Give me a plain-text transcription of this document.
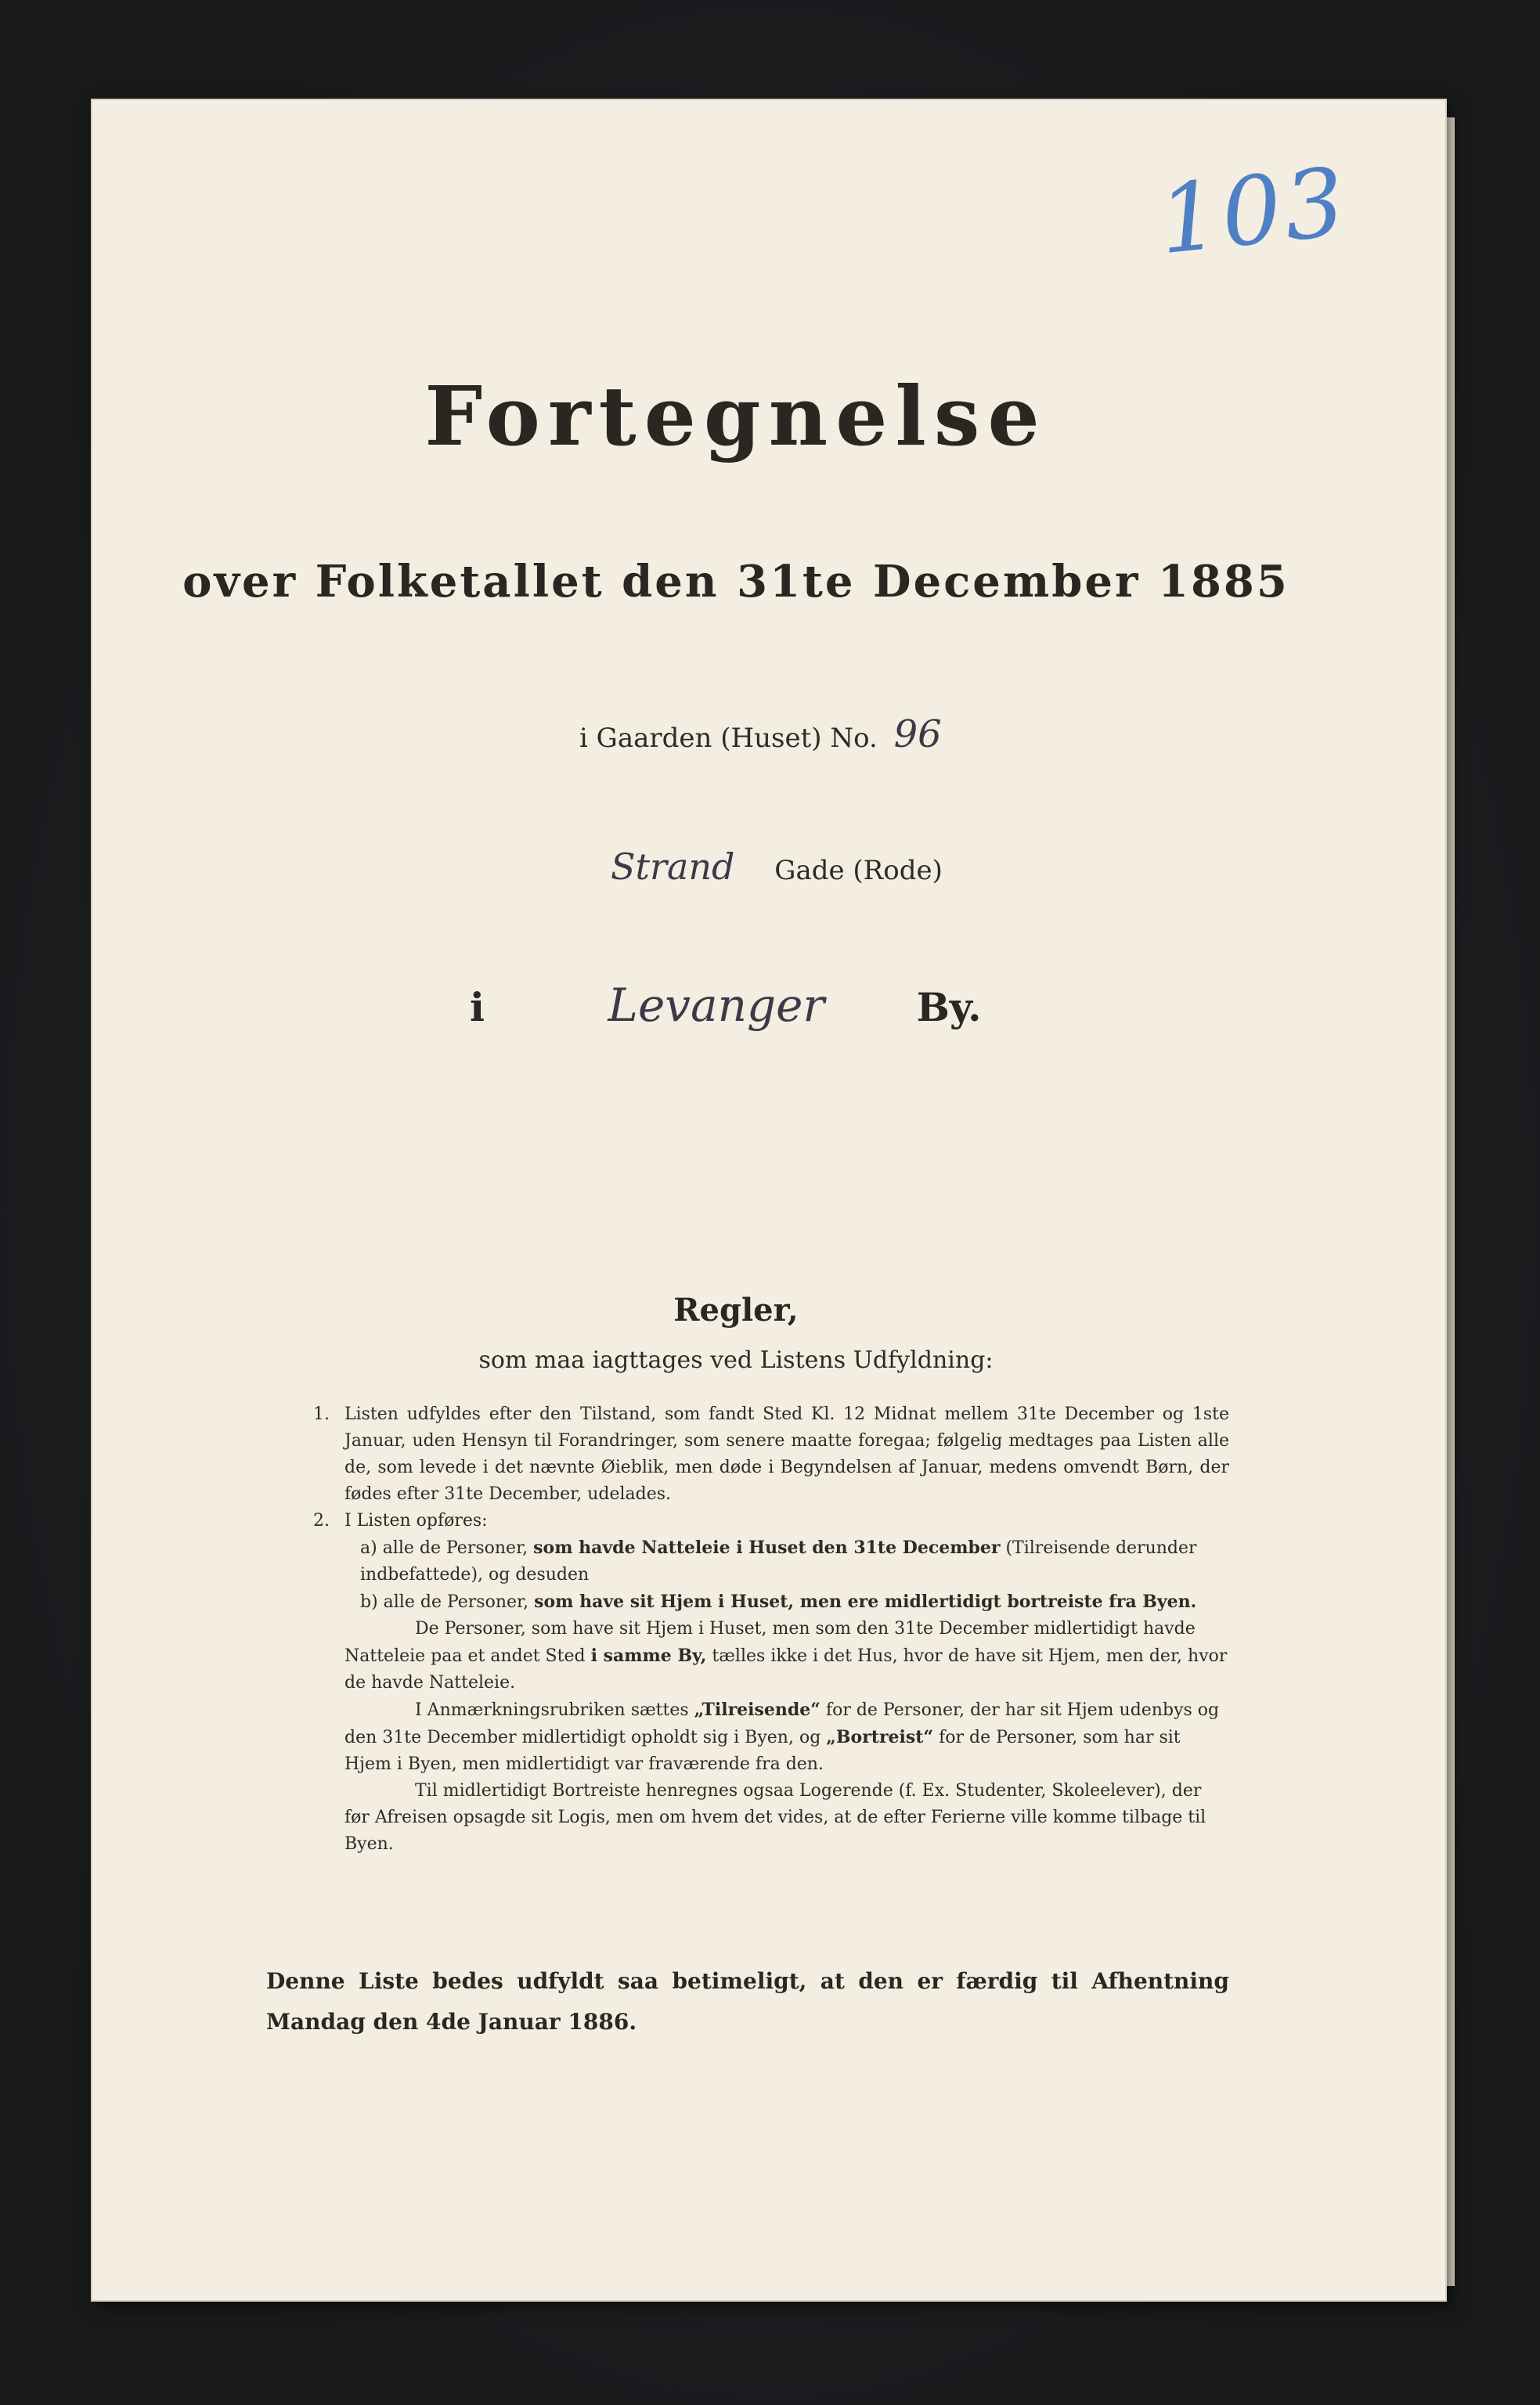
103
Fortegnelse
over Folketallet den 31te December 1885
i Gaarden (Huset) No. 96
Strand Gade (Rode)
i	Levanger By.
Regler,
som maa iagttages ved Listens Udfyldning:
1. Listen udfyldes efter den Tilstand, som fandt Sted Kl. 12 Midnat mellem 31te December og 1ste Januar, uden Hensyn til Forandringer, som senere maatte foregaa; følgelig medtages paa Listen alle de, som levede i det nævnte Øieblik, men døde i Begyndelsen af Januar, medens omvendt Børn, der fødes efter 31te December, udelades.
2. I Listen opføres:
a) alle de Personer, som havde Natteleie i Huset den 31te December (Tilreisende derunder indbefattede), og desuden
b) alle de Personer, som have sit Hjem i Huset, men ere midlertidigt bortreiste fra Byen.
De Personer, som have sit Hjem i Huset, men som den 31te December midlertidigt havde Natteleie paa et andet Sted i samme By, tælles ikke i det Hus, hvor de have sit Hjem, men der, hvor de havde Natteleie.
I Anmærkningsrubriken sættes „Tilreisende“ for de Personer, der har sit Hjem udenbys og den 31te December midlertidigt opholdt sig i Byen, og „Bortreist“ for de Personer, som har sit Hjem i Byen, men midlertidigt var fraværende fra den.
Til midlertidigt Bortreiste henregnes ogsaa Logerende (f. Ex. Studenter, Skoleelever), der før Afreisen opsagde sit Logis, men om hvem det vides, at de efter Ferierne ville komme tilbage til Byen.
Denne Liste bedes udfyldt saa betimeligt, at den er færdig til Afhentning Mandag den 4de Januar 1886.
